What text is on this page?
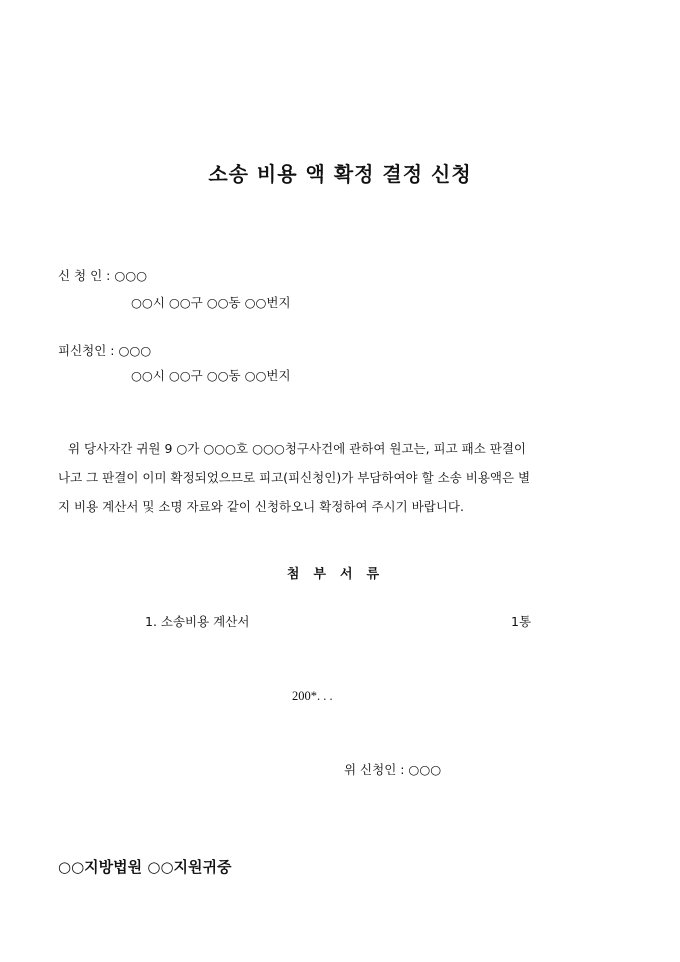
소송 비용 액 확정 결정 신청
신 청 인 : ○○○
○○시 ○○구 ○○동 ○○번지
피신청인 : ○○○
○○시 ○○구 ○○동 ○○번지
위 당사자간 귀원 9 ○가 ○○○호 ○○○청구사건에 관하여 원고는, 피고 패소 판결이
나고 그 판결이 이미 확정되었으므로 피고(피신청인)가 부담하여야 할 소송 비용액은 별
지 비용 계산서 및 소명 자료와 같이 신청하오니 확정하여 주시기 바랍니다.
첨부서류
1. 소송비용 계산서	1통
200*. . .
위 신청인 : ○○○
○○지방법원 ○○지원귀중
